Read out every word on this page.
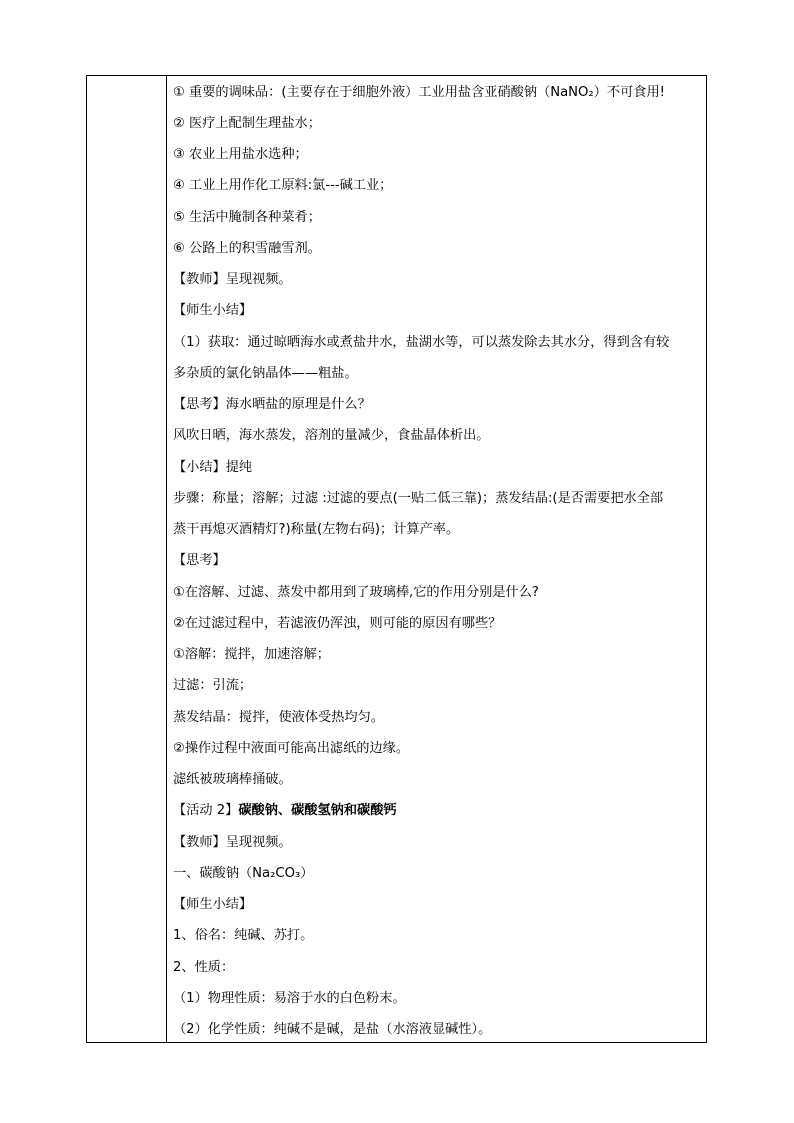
① 重要的调味品：(主要存在于细胞外液）工业用盐含亚硝酸钠（NaNO₂）不可食用!
② 医疗上配制生理盐水；
③ 农业上用盐水选种；
④ 工业上用作化工原料:氯---碱工业；
⑤ 生活中腌制各种菜肴；
⑥ 公路上的积雪融雪剂。
【教师】呈现视频。
【师生小结】
（1）获取：通过晾晒海水或煮盐井水，盐湖水等，可以蒸发除去其水分，得到含有较
多杂质的氯化钠晶体——粗盐。
【思考】海水晒盐的原理是什么？
风吹日晒，海水蒸发，溶剂的量减少，食盐晶体析出。
【小结】提纯
步骤：称量；溶解；过滤 :过滤的要点(一贴二低三靠)；蒸发结晶:(是否需要把水全部
蒸干再熄灭酒精灯?)称量(左物右码)；计算产率。
【思考】
①在溶解、过滤、蒸发中都用到了玻璃棒,它的作用分别是什么?
②在过滤过程中，若滤液仍浑浊，则可能的原因有哪些？
①溶解：搅拌，加速溶解；
过滤：引流；
蒸发结晶：搅拌，使液体受热均匀。
②操作过程中液面可能高出滤纸的边缘。
滤纸被玻璃棒捅破。
【活动 2】碳酸钠、碳酸氢钠和碳酸钙
【教师】呈现视频。
一、碳酸钠（Na₂CO₃）
【师生小结】
1、俗名：纯碱、苏打。
2、性质：
（1）物理性质：易溶于水的白色粉末。
（2）化学性质：纯碱不是碱，是盐（水溶液显碱性）。
